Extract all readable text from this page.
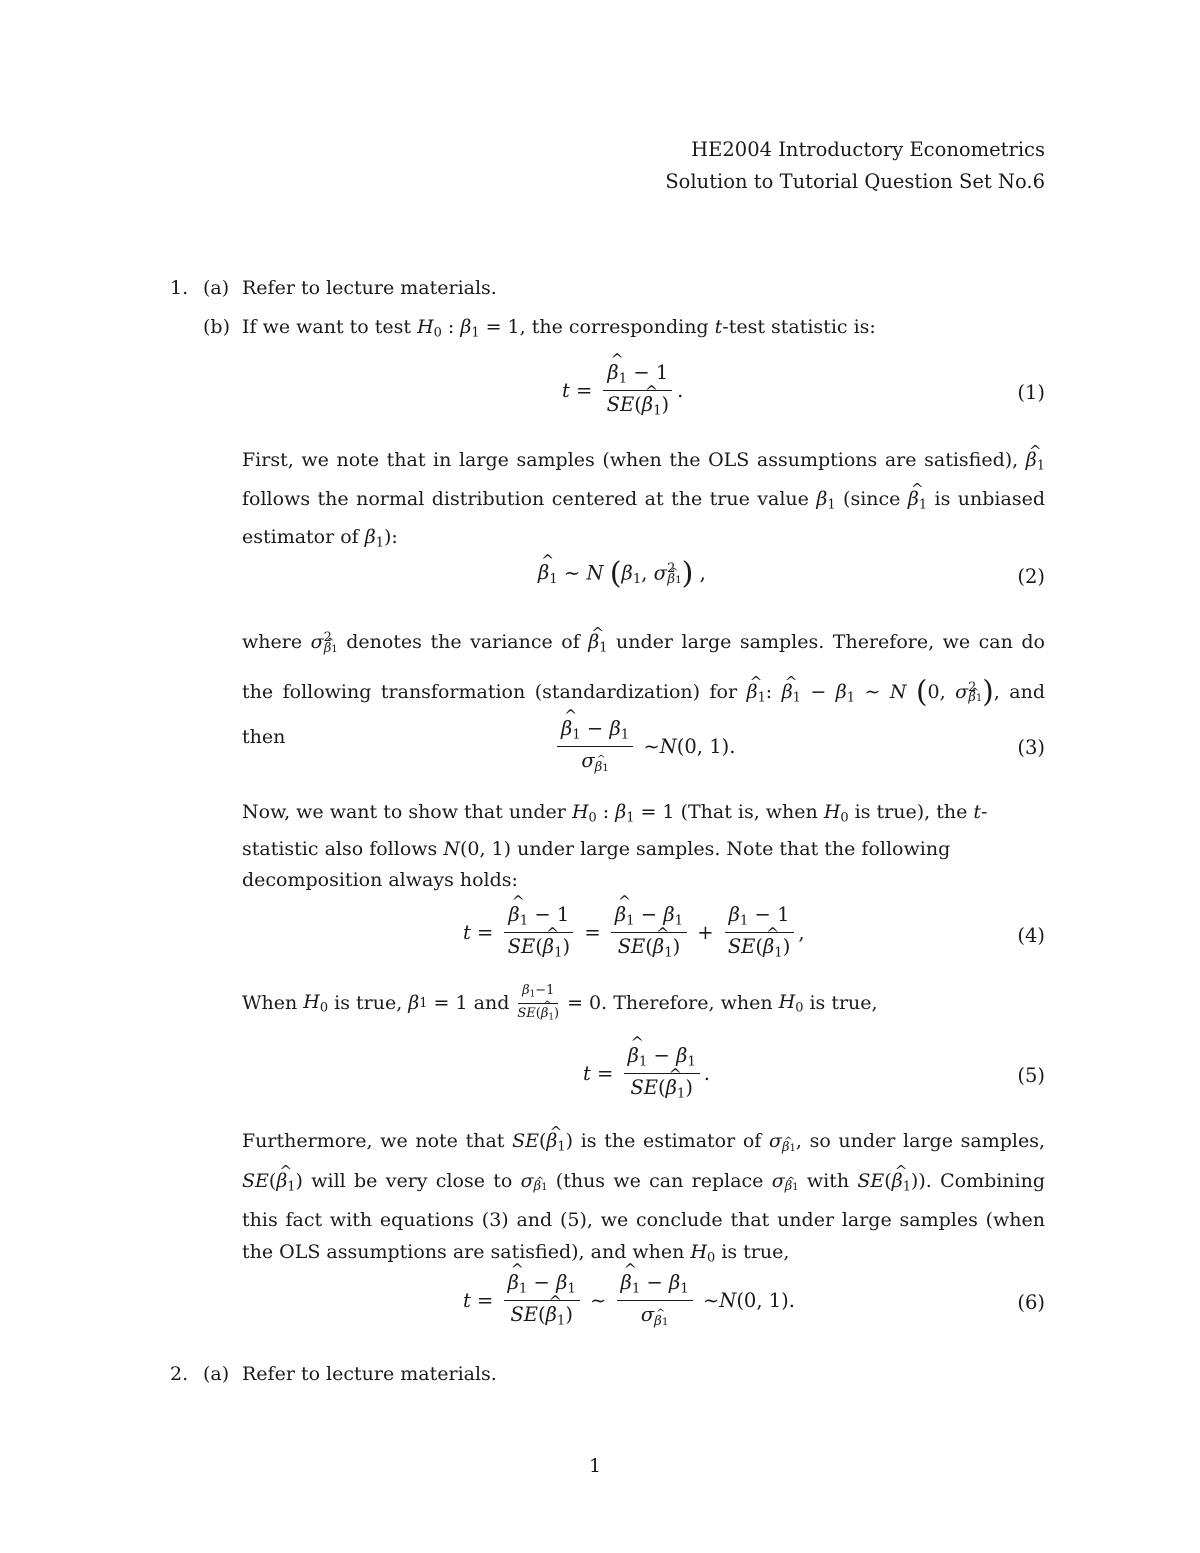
HE2004 Introductory Econometrics
Solution to Tutorial Question Set No.6
1. (a) Refer to lecture materials.
(b) If we want to test $H_0$ : $\beta_1 = 1$, the corresponding t-test statistic is:
t = ^ $\frac{\beta_1 - 1}{SE(\^{} \beta_1)}$ .	(1)
First, we note that in large samples (when the OLS assumptions are satisfied), ^ $\beta_1$ follows the normal distribution centered at the true value $\beta_1$ (since ^ $\beta_1$ is unbiased estimator of $\beta_1$):
^ $\beta_1$ ∼ N ($\beta_1$, $\sigma^2\^{}$ $_{\beta 1}$) ,	(2)
where $\sigma^2\^{}$ $_{\beta 1}$ denotes the variance of ^ $\beta_1$ under large samples. Therefore, we can do the following transformation (standardization) for ^ $\beta_1$: ^ $\beta_1 - \beta_1$ ∼ N (0, $\sigma^2\^{}$ $_{\beta 1}$), and then	^ $\frac{\beta_1 - \beta_1}{\sigma\^{} _{\beta 1}}$ ∼ N (0, 1).	(3)
Now, we want to show that under $H_0$ : $\beta_1 = 1$ (That is, when $H_0$ is true), the t-statistic also follows N(0, 1) under large samples. Note that the following decomposition always holds:
t = ^ $\frac{\beta_1 - 1}{SE(\^{} \beta_1)}$ = ^ $\frac{\beta_1 - \beta_1}{SE(\^{} \beta_1)} + \frac{\beta_1 - 1}{SE(\^{} \beta_1)}$ ,	(4)
When
$H_0$
is true,
β 1 = 1 and $\frac{\beta_1-1}{SE(\^{} \beta_1)} = 0$ . Therefore, when
$H_0$
is true,
t = ^ $\frac{\beta_1 - \beta_1}{SE(\^{} \beta_1)}$ .	(5)
Furthermore, we note that SE(^ $\beta_1$) is the estimator of σ^ $_{\beta 1}$, so under large samples, SE(^ $\beta_1$) will be very close to σ^ $_{\beta 1}$ (thus we can replace σ^ $_{\beta 1}$ with SE(^ $\beta_1$)). Combining this fact with equations (3) and (5), we conclude that under large samples (when the OLS assumptions are satisfied), and when $H_0$ is true,
t = ^ $\frac{\beta_1 - \beta_1}{SE(\^{} \beta_1)}$ ∼ ^ $\frac{\beta_1 - \beta_1}{\sigma\^{} _{\beta 1}}$ ∼ N (0, 1).	(6)
2. (a) Refer to lecture materials.
1
